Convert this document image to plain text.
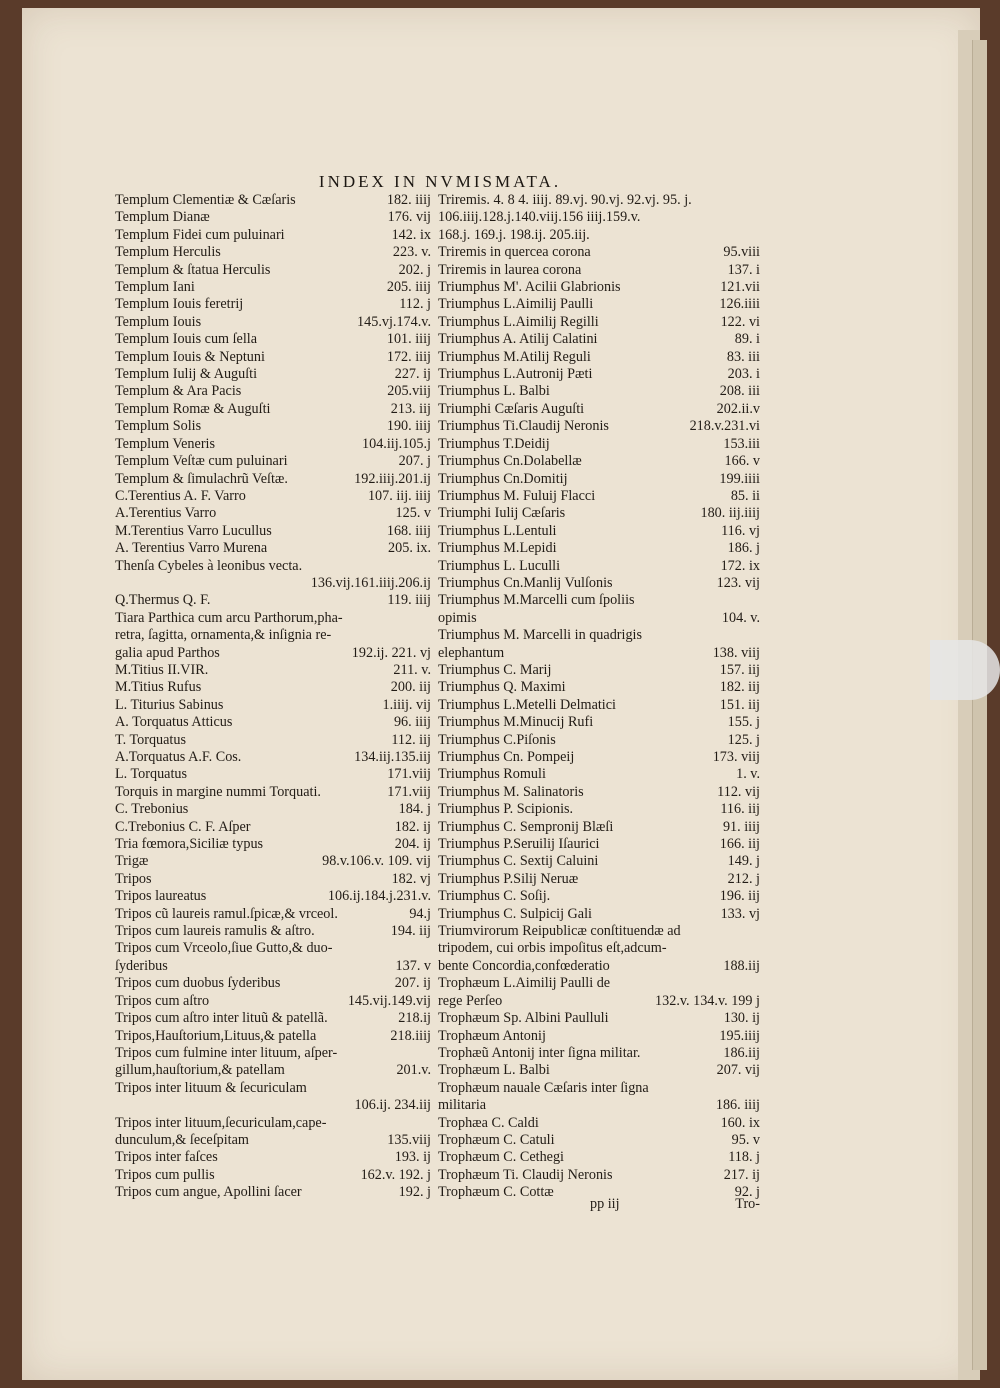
INDEX IN NVMISMATA.
Templum Clementiæ & Cæſaris	182. iiij
Templum Dianæ	176. vij
Templum Fidei cum puluinari	142. ix
Templum Herculis	223. v.
Templum & ſtatua Herculis	202. j
Templum Iani	205. iiij
Templum Iouis feretrij	112. j
Templum Iouis	145.vj.174.v.
Templum Iouis cum ſella	101. iiij
Templum Iouis & Neptuni	172. iiij
Templum Iulij & Auguſti	227. ij
Templum & Ara Pacis	205.viij
Templum Romæ & Auguſti	213. iij
Templum Solis	190. iiij
Templum Veneris	104.iij.105.j
Templum Veſtæ cum puluinari	207. j
Templum & ſimulachrũ Veſtæ.	192.iiij.201.ij
C.Terentius A. F. Varro	107. iij. iiij
A.Terentius Varro	125. v
M.Terentius Varro Lucullus	168. iiij
A. Terentius Varro Murena	205. ix.
Thenſa Cybeles à leonibus vecta.
136.vij.161.iiij.206.ij
Q.Thermus Q. F.	119. iiij
Tiara Parthica cum arcu Parthorum,pha-
retra, ſagitta, ornamenta,& inſignia re-
galia apud Parthos	192.ij. 221. vj
M.Titius II.VIR.	211. v.
M.Titius Rufus	200. iij
L. Titurius Sabinus	1.iiij. vij
A. Torquatus Atticus	96. iiij
T. Torquatus	112. iij
A.Torquatus A.F. Cos.	134.iij.135.iij
L. Torquatus	171.viij
Torquis in margine nummi Torquati.	171.viij
C. Trebonius	184. j
C.Trebonius C. F. Aſper	182. ij
Tria fœmora,Siciliæ typus	204. ij
Trigæ	98.v.106.v. 109. vij
Tripos	182. vj
Tripos laureatus	106.ij.184.j.231.v.
Tripos cũ laureis ramul.ſpicæ,& vrceol.	94.j
Tripos cum laureis ramulis & aſtro.	194. iij
Tripos cum Vrceolo,ſiue Gutto,& duo-
ſyderibus	137. v
Tripos cum duobus ſyderibus	207. ij
Tripos cum aſtro	145.vij.149.vij
Tripos cum aſtro inter lituũ & patellã.	218.ij
Tripos,Hauſtorium,Lituus,& patella	218.iiij
Tripos cum fulmine inter lituum, aſper-
gillum,hauſtorium,& patellam	201.v.
Tripos inter lituum & ſecuriculam
106.ij. 234.iij
Tripos inter lituum,ſecuriculam,cape-
dunculum,& ſeceſpitam	135.viij
Tripos inter faſces	193. ij
Tripos cum pullis	162.v. 192. j
Tripos cum angue, Apollini ſacer	192. j
Triremis. 4. 8 4. iiij. 89.vj. 90.vj. 92.vj. 95. j.
106.iiij.128.j.140.viij.156 iiij.159.v.
168.j. 169.j. 198.ij. 205.iij.
Triremis in quercea corona	95.viii
Triremis in laurea corona	137. i
Triumphus M'. Acilii Glabrionis	121.vii
Triumphus L.Aimilij Paulli	126.iiii
Triumphus L.Aimilij Regilli	122. vi
Triumphus A. Atilij Calatini	89. i
Triumphus M.Atilij Reguli	83. iii
Triumphus L.Autronij Pæti	203. i
Triumphus L. Balbi	208. iii
Triumphi Cæſaris Auguſti	202.ii.v
Triumphus Ti.Claudij Neronis	218.v.231.vi
Triumphus T.Deidij	153.iii
Triumphus Cn.Dolabellæ	166. v
Triumphus Cn.Domitij	199.iiii
Triumphus M. Fuluij Flacci	85. ii
Triumphi Iulij Cæſaris	180. iij.iiij
Triumphus L.Lentuli	116. vj
Triumphus M.Lepidi	186. j
Triumphus L. Luculli	172. ix
Triumphus Cn.Manlij Vulſonis	123. vij
Triumphus M.Marcelli cum ſpoliis
opimis	104. v.
Triumphus M. Marcelli in quadrigis
elephantum	138. viij
Triumphus C. Marij	157. iij
Triumphus Q. Maximi	182. iij
Triumphus L.Metelli Delmatici	151. iij
Triumphus M.Minucij Rufi	155. j
Triumphus C.Piſonis	125. j
Triumphus Cn. Pompeij	173. viij
Triumphus Romuli	1. v.
Triumphus M. Salinatoris	112. vij
Triumphus P. Scipionis.	116. iij
Triumphus C. Sempronij Blæſi	91. iiij
Triumphus P.Seruilij Iſaurici	166. iij
Triumphus C. Sextij Caluini	149. j
Triumphus P.Silij Neruæ	212. j
Triumphus C. Soſij.	196. iij
Triumphus C. Sulpicij Gali	133. vj
Triumvirorum Reipublicæ conſtituendæ ad
tripodem, cui orbis impoſitus eſt,adcum-
bente Concordia,confœderatio	188.iij
Trophæum L.Aimilij Paulli de
rege Perſeo	132.v. 134.v. 199 j
Trophæum Sp. Albini Paulluli	130. ij
Trophæum Antonij	195.iiij
Trophæũ Antonij inter ſigna militar.	186.iij
Trophæum L. Balbi	207. vij
Trophæum nauale Cæſaris inter ſigna
militaria	186. iiij
Trophæa C. Caldi	160. ix
Trophæum C. Catuli	95. v
Trophæum C. Cethegi	118. j
Trophæum Ti. Claudij Neronis	217. ij
Trophæum C. Cottæ	92. j
pp iij	Tro-
